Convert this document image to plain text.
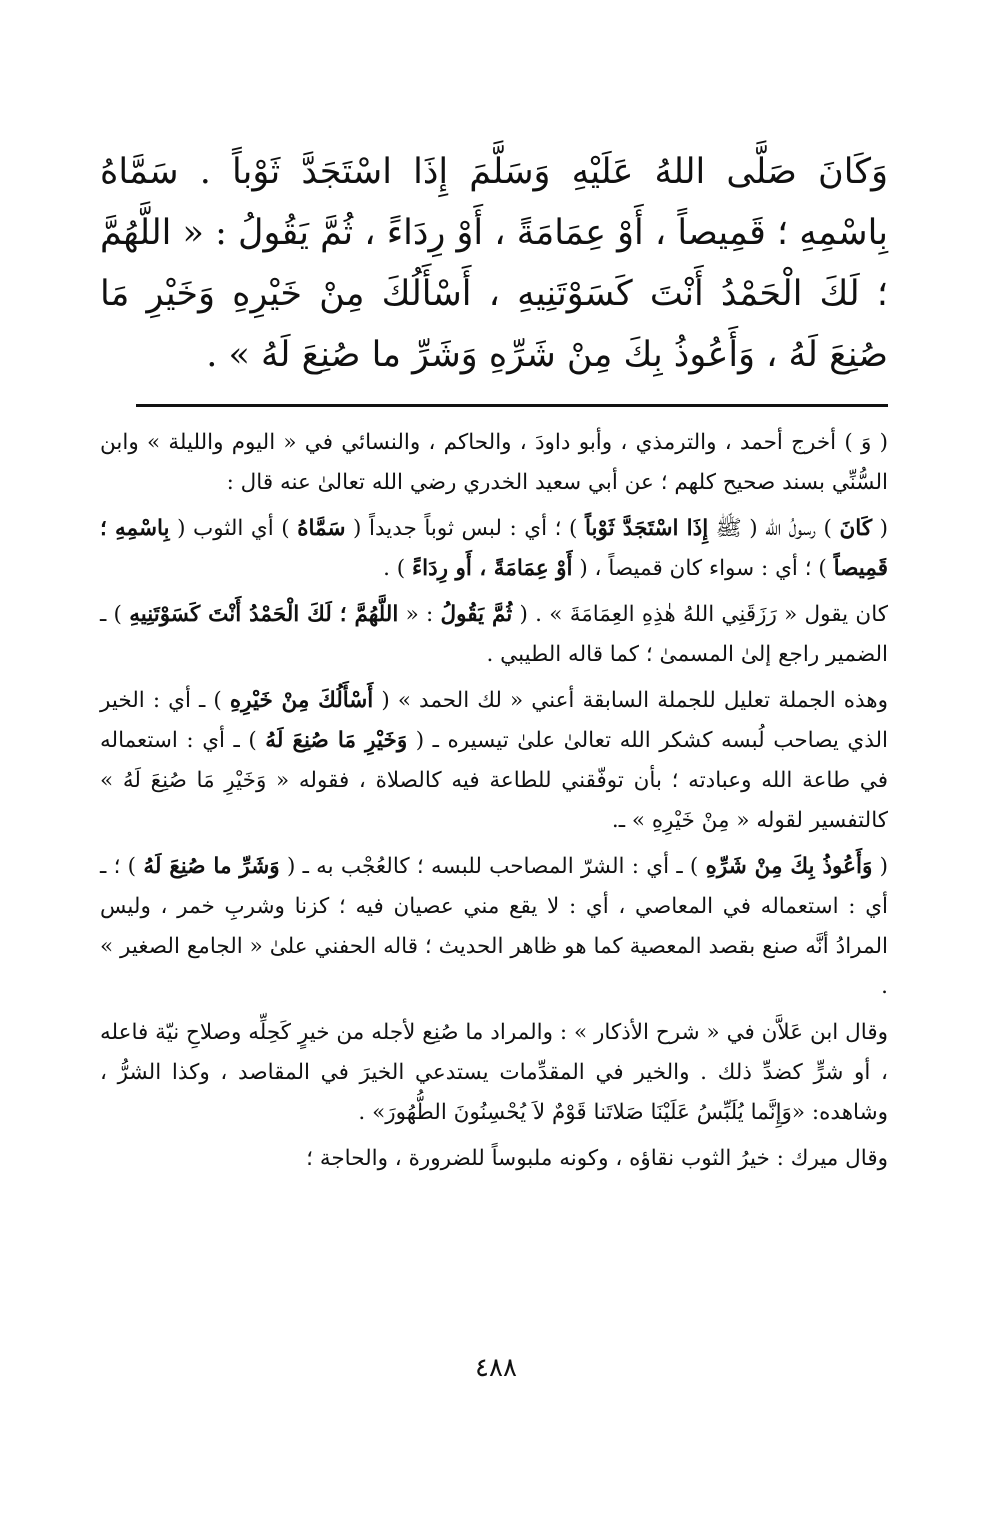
وَكَانَ صَلَّى اللهُ عَلَيْهِ وَسَلَّمَ إِذَا اسْتَجَدَّ ثَوْباً . سَمَّاهُ بِاسْمِهِ ؛ قَمِيصاً ، أَوْ عِمَامَةً ، أَوْ رِدَاءً ، ثُمَّ يَقُولُ : « اللَّهُمَّ ؛ لَكَ الْحَمْدُ أَنْتَ كَسَوْتَنِيهِ ، أَسْأَلُكَ مِنْ خَيْرِهِ وَخَيْرِ مَا صُنِعَ لَهُ ، وَأَعُوذُ بِكَ مِنْ شَرِّهِ وَشَرِّ ما صُنِعَ لَهُ » .

( وَ ) أخرج أحمد ، والترمذي ، وأبو داودَ ، والحاكم ، والنسائي في « اليوم والليلة » وابن السُّنِّي بسند صحيح كلهم ؛ عن أبي سعيد الخدري رضي الله تعالىٰ عنه قال :

( كَانَ ) رسولُ الله ( ﷺ إِذَا اسْتَجَدَّ ثَوْباً ) ؛ أي : لبس ثوباً جديداً ( سَمَّاهُ ) أي الثوب ( بِاسْمِهِ ؛ قَمِيصاً ) ؛ أي : سواء كان قميصاً ، ( أَوْ عِمَامَةً ، أَو رِدَاءً ) .

كان يقول « رَزَقَنِي اللهُ هٰذِهِ العِمَامَةَ » . ( ثُمَّ يَقُولُ : « اللَّهُمَّ ؛ لَكَ الْحَمْدُ أَنْتَ كَسَوْتَنِيهِ ) ـ الضمير راجع إلىٰ المسمىٰ ؛ كما قاله الطيبي .

وهذه الجملة تعليل للجملة السابقة أعني « لك الحمد » ( أَسْأَلُكَ مِنْ خَيْرِهِ ) ـ أي : الخير الذي يصاحب لُبسه كشكر الله تعالىٰ علىٰ تيسيره ـ ( وَخَيْرِ مَا صُنِعَ لَهُ ) ـ أي : استعماله في طاعة الله وعبادته ؛ بأن توفّقني للطاعة فيه كالصلاة ، فقوله « وَخَيْرِ مَا صُنِعَ لَهُ » كالتفسير لقوله « مِنْ خَيْرِهِ » ـ.

( وَأَعُوذُ بِكَ مِنْ شَرِّهِ ) ـ أي : الشرّ المصاحب للبسه ؛ كالعُجْب به ـ ( وَشَرِّ ما صُنِعَ لَهُ ) ؛ ـ أي : استعماله في المعاصي ، أي : لا يقع مني عصيان فيه ؛ كزنا وشربِ خمر ، وليس المرادُ أنَّه صنع بقصد المعصية كما هو ظاهر الحديث ؛ قاله الحفني علىٰ « الجامع الصغير » .

وقال ابن عَلاَّن في « شرح الأذكار » : والمراد ما صُنِع لأجله من خيرٍ كَحِلِّه وصلاحِ نيّة فاعله ، أو شرٍّ كضدِّ ذلك . والخير في المقدِّمات يستدعي الخيرَ في المقاصد ، وكذا الشرُّ ، وشاهده: «وَإِنَّما يُلَبِّسُ عَلَيْنَا صَلاتَنا قَوْمٌ لاَ يُحْسِنُونَ الطُّهُورَ» .

وقال ميرك : خيرُ الثوب نقاؤه ، وكونه ملبوساً للضرورة ، والحاجة ؛

٤٨٨
